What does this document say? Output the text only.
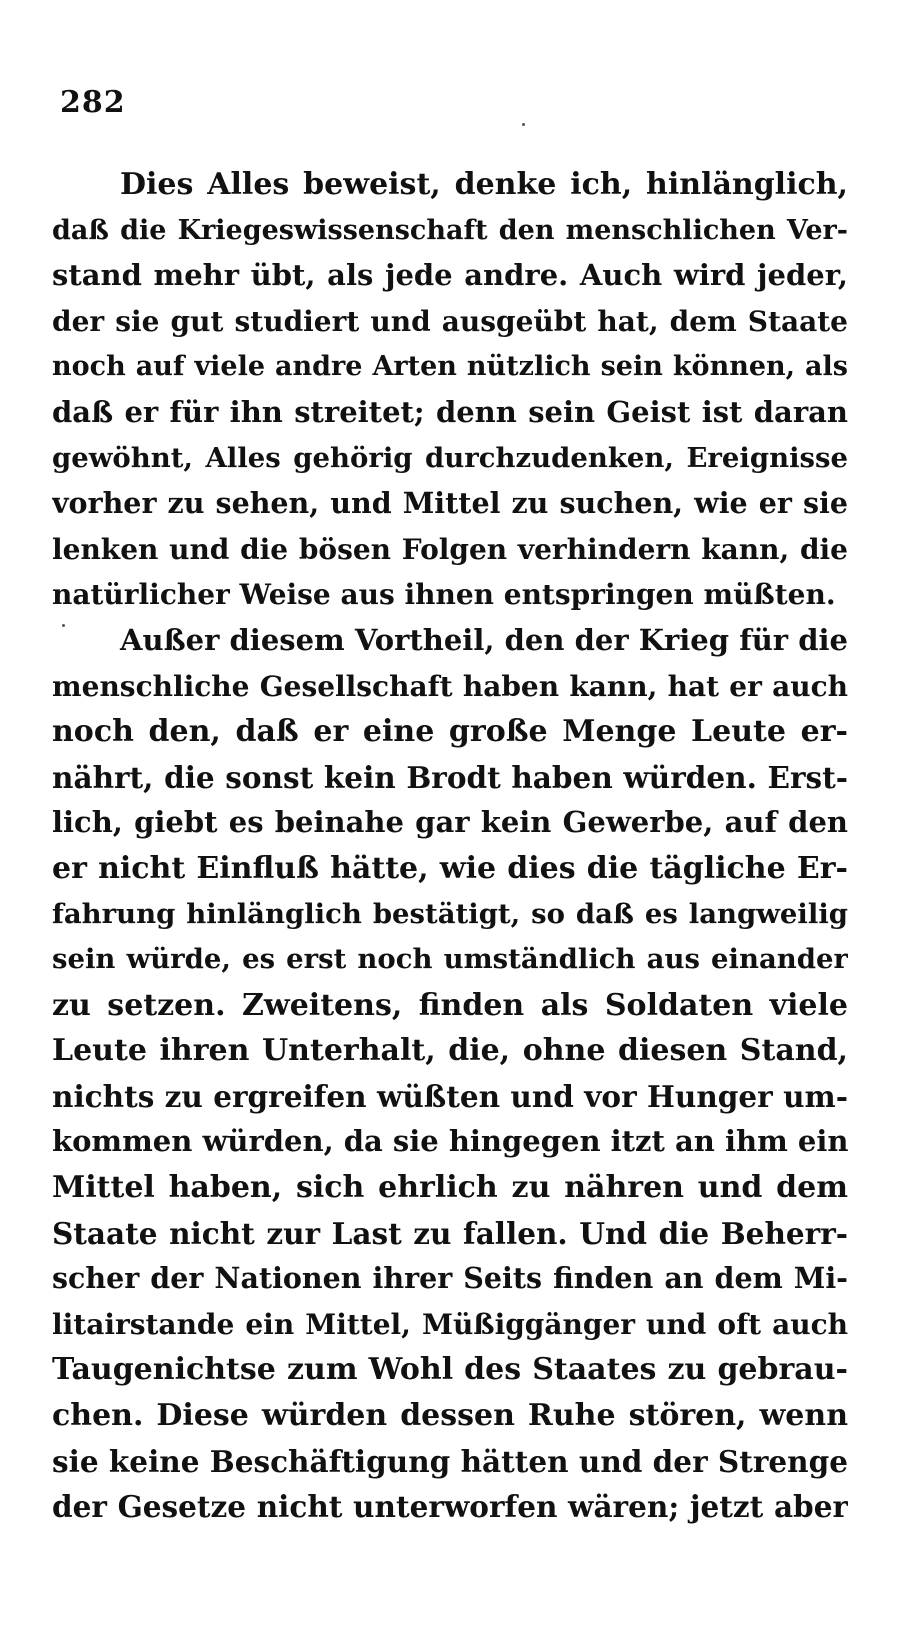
282
Dies Alles beweist, denke ich, hinlänglich,
daß die Kriegeswissenschaft den menschlichen Ver-
stand mehr übt, als jede andre. Auch wird jeder,
der sie gut studiert und ausgeübt hat, dem Staate
noch auf viele andre Arten nützlich sein können, als
daß er für ihn streitet; denn sein Geist ist daran
gewöhnt, Alles gehörig durchzudenken, Ereignisse
vorher zu sehen, und Mittel zu suchen, wie er sie
lenken und die bösen Folgen verhindern kann, die
natürlicher Weise aus ihnen entspringen müßten.
Außer diesem Vortheil, den der Krieg für die
menschliche Gesellschaft haben kann, hat er auch
noch den, daß er eine große Menge Leute er-
nährt, die sonst kein Brodt haben würden. Erst-
lich, giebt es beinahe gar kein Gewerbe, auf den
er nicht Einfluß hätte, wie dies die tägliche Er-
fahrung hinlänglich bestätigt, so daß es langweilig
sein würde, es erst noch umständlich aus einander
zu setzen. Zweitens, finden als Soldaten viele
Leute ihren Unterhalt, die, ohne diesen Stand,
nichts zu ergreifen wüßten und vor Hunger um-
kommen würden, da sie hingegen itzt an ihm ein
Mittel haben, sich ehrlich zu nähren und dem
Staate nicht zur Last zu fallen. Und die Beherr-
scher der Nationen ihrer Seits finden an dem Mi-
litairstande ein Mittel, Müßiggänger und oft auch
Taugenichtse zum Wohl des Staates zu gebrau-
chen. Diese würden dessen Ruhe stören, wenn
sie keine Beschäftigung hätten und der Strenge
der Gesetze nicht unterworfen wären; jetzt aber
